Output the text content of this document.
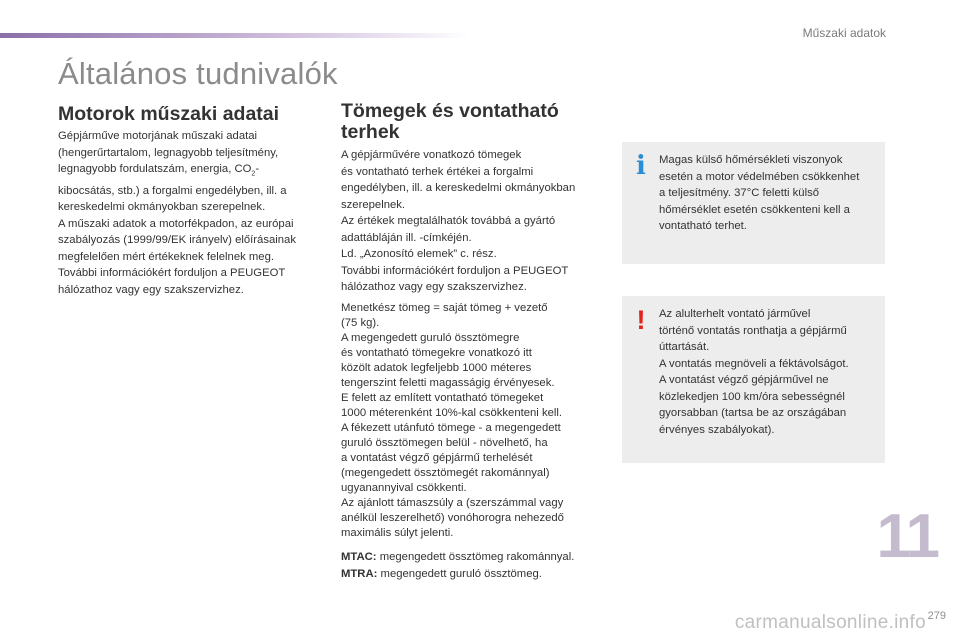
Műszaki adatok
Általános tudnivalók
Motorok műszaki adatai

Gépjárműve motorjának műszaki adatai
(hengerűrtartalom, legnagyobb teljesítmény,
legnagyobb fordulatszám, energia, $CO_2-$
kibocsátás, stb.) a forgalmi engedélyben, ill. a
kereskedelmi okmányokban szerepelnek.
A műszaki adatok a motorfékpadon, az európai
szabályozás (1999/99/EK irányelv) előírásainak
megfelelően mért értékeknek felelnek meg.
További információkért forduljon a PEUGEOT
hálózathoz vagy egy szakszervizhez.

Tömegek és vontatható
terhek

A gépjárművére vonatkozó tömegek
és vontatható terhek értékei a forgalmi
engedélyben, ill. a kereskedelmi okmányokban
szerepelnek.
Az értékek megtalálhatók továbbá a gyártó
adattábláján ill. -címkéjén.
Ld. „Azonosító elemek” c. rész.
További információkért forduljon a PEUGEOT
hálózathoz vagy egy szakszervizhez.

Menetkész tömeg = saját tömeg + vezető
(75 kg).
A megengedett guruló össztömegre
és vontatható tömegekre vonatkozó itt
közölt adatok legfeljebb 1000 méteres
tengerszint feletti magasságig érvényesek.
E felett az említett vontatható tömegeket
1000 méterenként 10%-kal csökkenteni kell.
A fékezett utánfutó tömege - a megengedett
guruló össztömegen belül - növelhető, ha
a vontatást végző gépjármű terhelését
(megengedett össztömegét rakománnyal)
ugyanannyival csökkenti.
Az ajánlott támaszsúly a (szerszámmal vagy
anélkül leszerelhető) vonóhorogra nehezedő
maximális súlyt jelenti.

MTAC: megengedett össztömeg rakománnyal.
MTRA: megengedett guruló össztömeg.
i	Magas külső hőmérsékleti viszonyok
esetén a motor védelmében csökkenhet
a teljesítmény. 37°C feletti külső
hőmérséklet esetén csökkenteni kell a
vontatható terhet.
!	Az alulterhelt vontató járművel
történő vontatás ronthatja a gépjármű
úttartását.
A vontatás megnöveli a féktávolságot.
A vontatást végző gépjárművel ne
közlekedjen 100 km/óra sebességnél
gyorsabban (tartsa be az országában
érvényes szabályokat).
11
279
carmanualsonline.info
